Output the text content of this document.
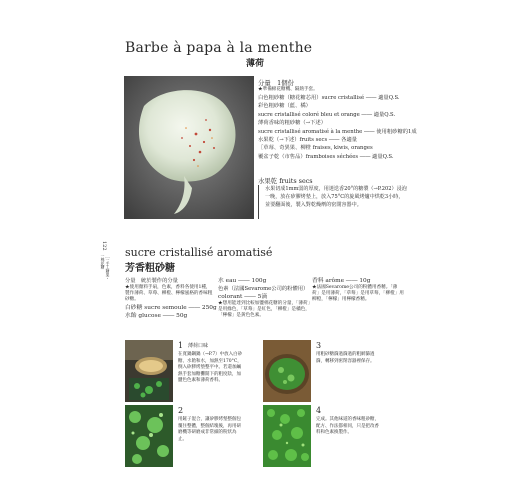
Barbe à papa à la menthe
薄荷
分量　1個份
★準備棉花糖機、隔熱手套。
白色粗砂糖（糖花糖芯用）sucre cristallisé ―― 適量Q.S.
彩色粗砂糖（藍、橘）
sucre cristallisé coloré bleu et orange ―― 適量Q.S.
薄荷香味的粗砂糖（→下述）
sucre cristallisé aromatisé à la menthe ―― 使用粗砂糖的1成
水果乾（→下述）fruits secs ―― 各適量
［草莓、奇異果、柳橙 fraises, kiwis, oranges
覆盆子乾（市售品）framboises séchées ―― 適量Q.S.
水果乾 fruits secs
水果切成1mm弱的厚度，用迷迭香20°的糖漿（→P.202）浸泡一晚，放在矽膠烤墊上，放入75°C的旋風烤爐中烘乾3小時，並要翻面後，製入對乾燥劑的密閉容器中。
122
［一手工糖果・一棉花糖
sucre cristallisé aromatisé
芳香粗砂糖
分量　統於製作的分量
★使用顏料手扇，色素，香料各使用1種，製作薄荷、草莓、柳橙、檸檬風格的香味粗砂糖。
白砂糖 sucre semoule ―― 250g
水飴 glucose ―― 50g
水 eau ―― 100g
色素（法國Sevarome公司的粉體用）
colorant ―― 5滴
★想用能達到比較加鹽棉花糖的分量，「薄荷」是用綠色，「草莓」是紅色，「柳橙」是橘色，「檸檬」是黃色色素。
香料 arôme ―― 10g
★法國Sevarome公司的粉體用香精。「薄荷」是用薄荷，「草莓」是用草莓，「柳橙」用柳橙，「檸檬」用檸檬香精。
1 薄荷口味
在寬鍋鋼鍋（→P.7）中放入白砂糖、水飴和水，加熱至170°C，倒入矽膠烤墊整平中。若還加鹹熱手套加糖攤開下的粗度陰，加鹽色色素和薄荷香料。
2
用鏟子混合，讓矽膠烤墊整個包覆住整體，整個結塊後，再用研磨機等研磨成非常細的粉狀為止。
3
用粗砂糖篩過篩過的粗網篩過篩，轉移到密閉容器裡保存。
4
完成。其他味道的香味粗砂糖，配方、作法都相同，只是把改香料和色素換製作。
